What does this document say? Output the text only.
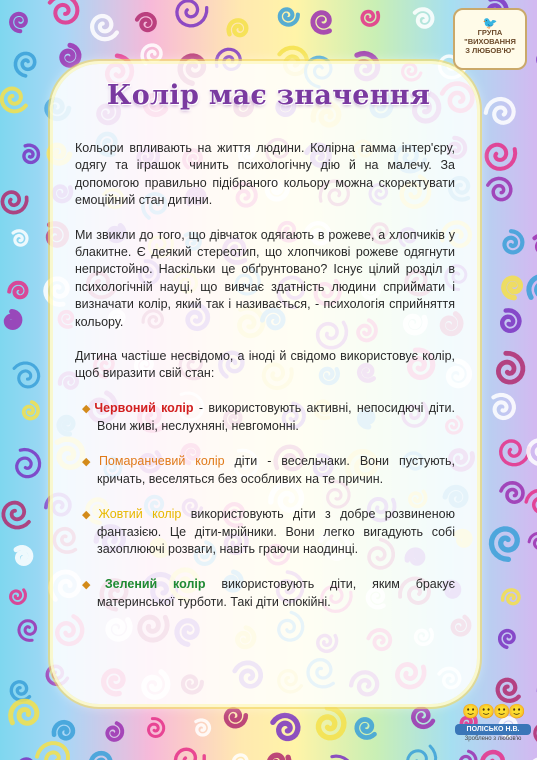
🐦
ГРУПА
"ВИХОВАННЯ
З ЛЮБОВ'Ю"
Колір має значення

Кольори впливають на життя людини. Колірна гамма інтер'єру, одягу та іграшок чинить психологічну дію й на малечу. За допомогою правильно підібраного кольору можна скоректувати емоційний стан дитини.

Ми звикли до того, що дівчаток одягають в рожеве, а хлопчиків у блакитне. Є деякий стереотип, що хлопчикові рожеве одягнути непристойно. Наскільки це обґрунтовано? Існує цілий розділ в психологічній науці, що вивчає здатність людини сприймати і визначати колір, який так і називається, - психологія сприйняття кольору.

Дитина частіше несвідомо, а іноді й свідомо використовує колір, щоб виразити свій стан:

◆ Червоний колір - використовують активні, непосидючі діти. Вони живі, неслухняні, невгомонні.
◆ Помаранчевий колір діти - весельчаки. Вони пустують, кричать, веселяться без особливих на те причин.
◆ Жовтий колір використовують діти з добре розвиненою фантазією. Це діти-мрійники. Вони легко вигадують собі захоплюючі розваги, навіть граючи наодинці.
◆ Зелений колір використовують діти, яким бракує материнської турботи. Такі діти спокійні.
🙂🙂🙂🙂
ПОЛІСЬКО Н.В.
Зроблено з любов'ю
